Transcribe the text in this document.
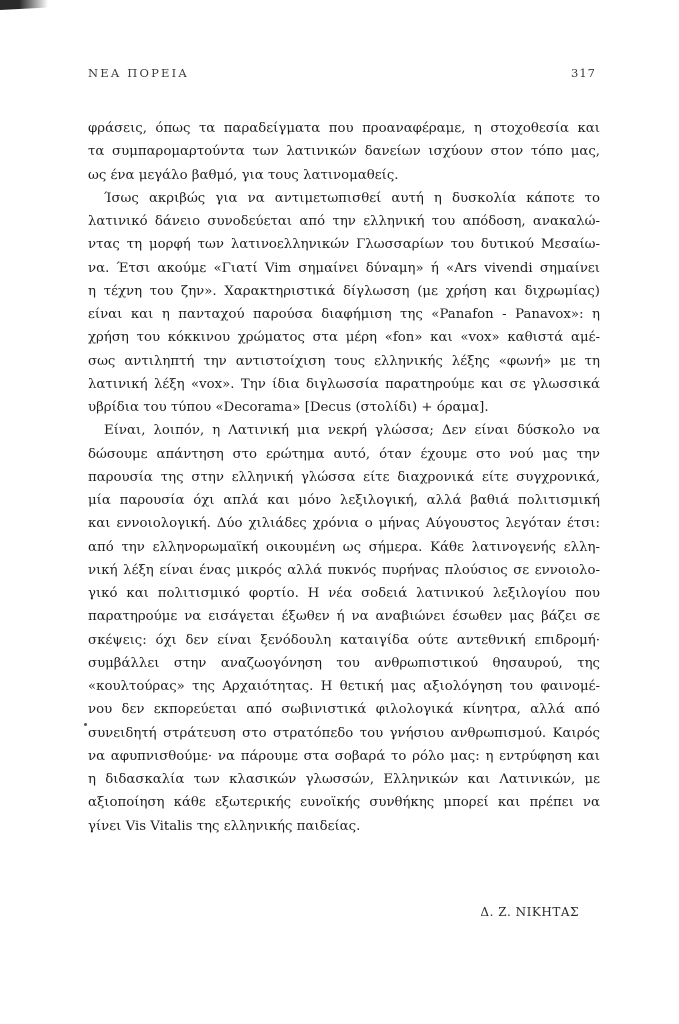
ΝΕΑ ΠΟΡΕΙΑ	317
φράσεις, όπως τα παραδείγματα που προαναφέραμε, η στοχοθεσία και
τα συμπαρομαρτούντα των λατινικών δανείων ισχύουν στον τόπο μας,
ως ένα μεγάλο βαθμό, για τους λατινομαθείς.
Ίσως ακριβώς για να αντιμετωπισθεί αυτή η δυσκολία κάποτε το
λατινικό δάνειο συνοδεύεται από την ελληνική του απόδοση, ανακαλώ-
ντας τη μορφή των λατινοελληνικών Γλωσσαρίων του δυτικού Μεσαίω-
να. Έτσι ακούμε «Γιατί Vim σημαίνει δύναμη» ή «Ars vivendi σημαίνει
η τέχνη του ζην». Χαρακτηριστικά δίγλωσση (με χρήση και διχρωμίας)
είναι και η πανταχού παρούσα διαφήμιση της «Panafon - Panavox»: η
χρήση του κόκκινου χρώματος στα μέρη «fon» και «vox» καθιστά αμέ-
σως αντιληπτή την αντιστοίχιση τους ελληνικής λέξης «φωνή» με τη
λατινική λέξη «vox». Την ίδια διγλωσσία παρατηρούμε και σε γλωσσικά
υβρίδια του τύπου «Decorama» [Decus (στολίδι) + όραμα].
Είναι, λοιπόν, η Λατινική μια νεκρή γλώσσα; Δεν είναι δύσκολο να
δώσουμε απάντηση στο ερώτημα αυτό, όταν έχουμε στο νού μας την
παρουσία της στην ελληνική γλώσσα είτε διαχρονικά είτε συγχρονικά,
μία παρουσία όχι απλά και μόνο λεξιλογική, αλλά βαθιά πολιτισμική
και εννοιολογική. Δύο χιλιάδες χρόνια ο μήνας Αύγουστος λεγόταν έτσι:
από την ελληνορωμαϊκή οικουμένη ως σήμερα. Κάθε λατινογενής ελλη-
νική λέξη είναι ένας μικρός αλλά πυκνός πυρήνας πλούσιος σε εννοιολο-
γικό και πολιτισμικό φορτίο. Η νέα σοδειά λατινικού λεξιλογίου που
παρατηρούμε να εισάγεται έξωθεν ή να αναβιώνει έσωθεν μας βάζει σε
σκέψεις: όχι δεν είναι ξενόδουλη καταιγίδα ούτε αντεθνική επιδρομή·
συμβάλλει στην αναζωογόνηση του ανθρωπιστικού θησαυρού, της
«κουλτούρας» της Αρχαιότητας. Η θετική μας αξιολόγηση του φαινομέ-
νου δεν εκπορεύεται από σωβινιστικά φιλολογικά κίνητρα, αλλά από
συνειδητή στράτευση στο στρατόπεδο του γνήσιου ανθρωπισμού. Καιρός
να αφυπνισθούμε· να πάρουμε στα σοβαρά το ρόλο μας: η εντρύφηση και
η διδασκαλία των κλασικών γλωσσών, Ελληνικών και Λατινικών, με
αξιοποίηση κάθε εξωτερικής ευνοϊκής συνθήκης μπορεί και πρέπει να
γίνει Vis Vitalis της ελληνικής παιδείας.
Δ. Ζ. ΝΙΚΗΤΑΣ
